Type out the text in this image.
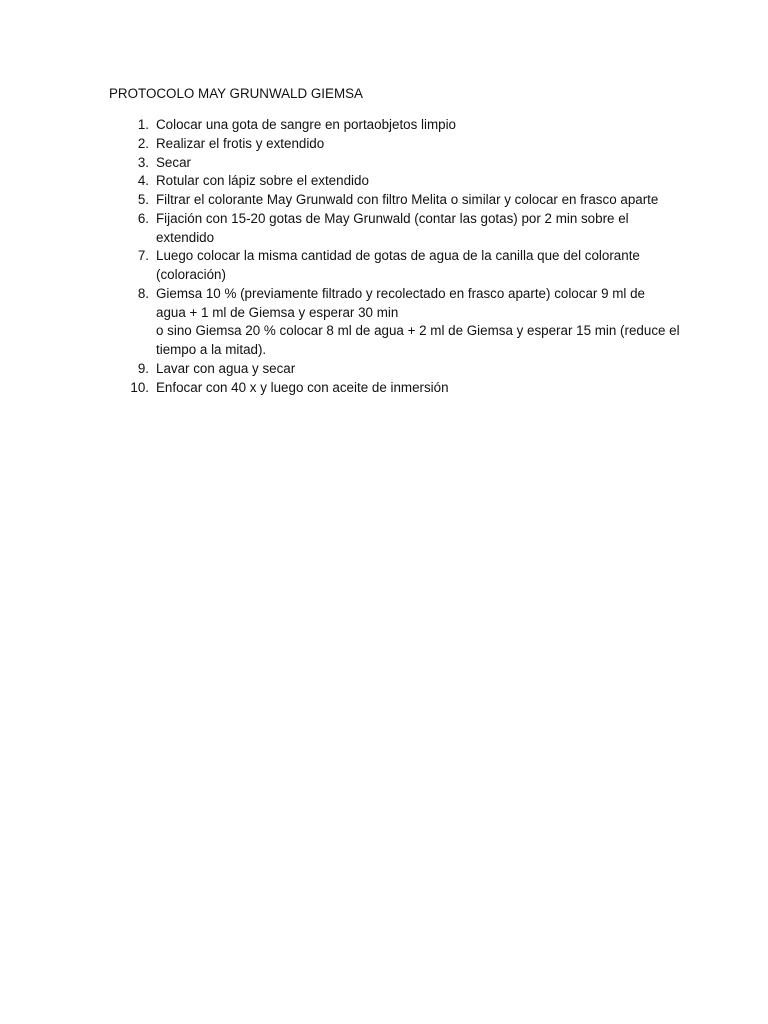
PROTOCOLO MAY GRUNWALD GIEMSA
1. Colocar una gota de sangre en portaobjetos limpio
2. Realizar el frotis y extendido
3. Secar
4. Rotular con lápiz sobre el extendido
5. Filtrar el colorante May Grunwald con filtro Melita o similar y colocar en frasco aparte
6. Fijación con 15-20 gotas de May Grunwald (contar las gotas) por 2 min sobre el
extendido
7. Luego colocar la misma cantidad de gotas de agua de la canilla que del colorante
(coloración)
8. Giemsa 10 % (previamente filtrado y recolectado en frasco aparte) colocar 9 ml de
agua + 1 ml de Giemsa y esperar 30 min
o sino Giemsa 20 % colocar 8 ml de agua + 2 ml de Giemsa y esperar 15 min (reduce el
tiempo a la mitad).
9. Lavar con agua y secar
10. Enfocar con 40 x y luego con aceite de inmersión
